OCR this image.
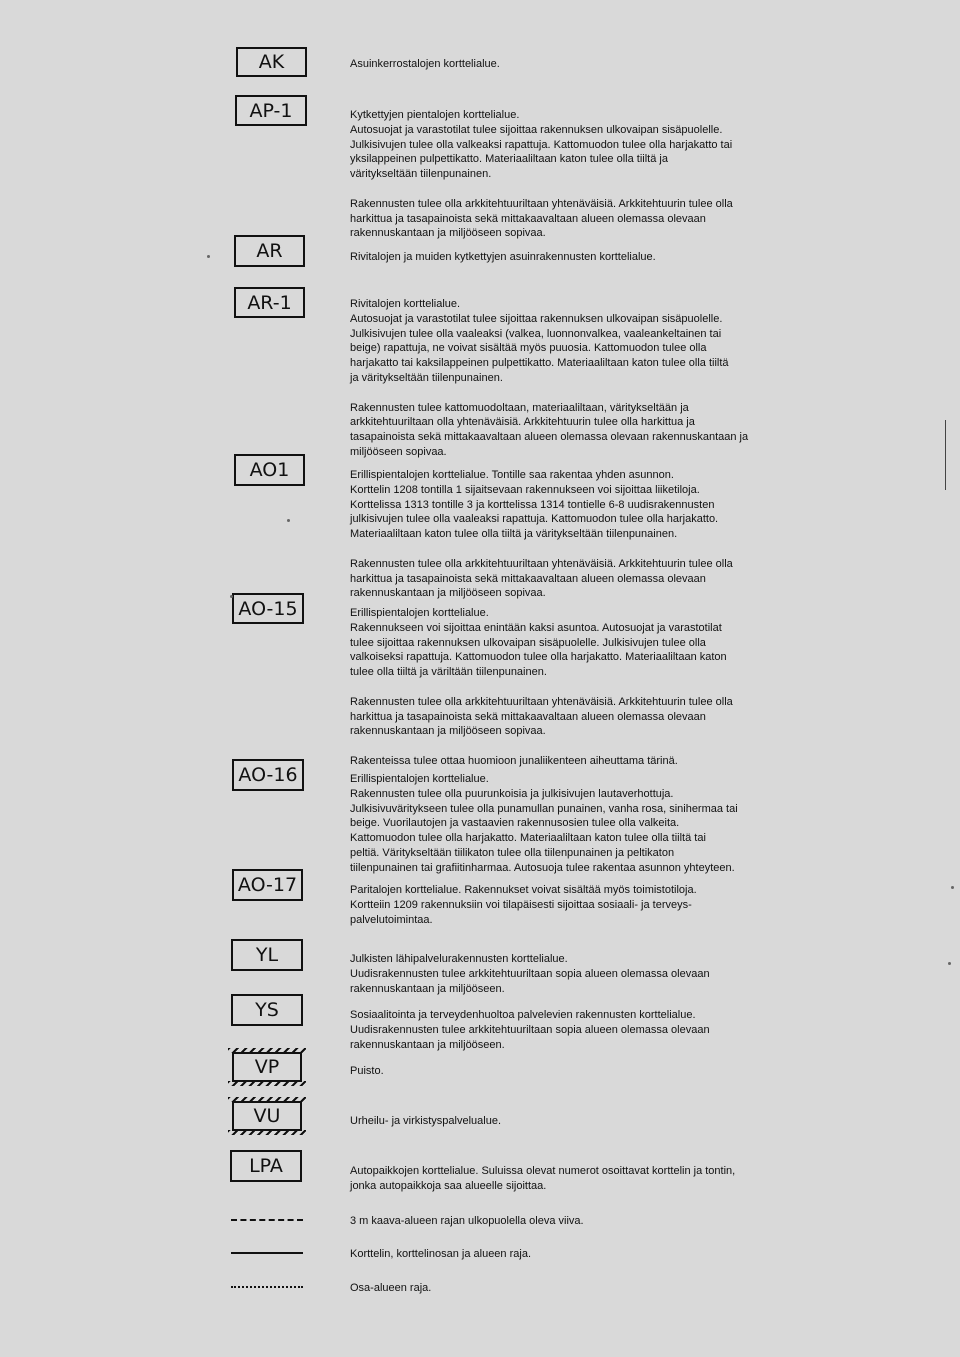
AK
AP-1
AR
AR-1
AO1
AO-15
AO-16
AO-17
YL
YS
VP
VU
LPA
Asuinkerrostalojen korttelialue.
Kytkettyjen pientalojen korttelialue.
Autosuojat ja varastotilat tulee sijoittaa rakennuksen ulkovaipan sisäpuolelle.
Julkisivujen tulee olla valkeaksi rapattuja. Kattomuodon tulee olla harjakatto tai
yksilappeinen pulpettikatto. Materiaaliltaan katon tulee olla tiiltä ja
väritykseltään tiilenpunainen.

Rakennusten tulee olla arkkitehtuuriltaan yhtenäväisiä. Arkkitehtuurin tulee olla
harkittua ja tasapainoista sekä mittakaavaltaan alueen olemassa olevaan
rakennuskantaan ja miljööseen sopivaa.
Rivitalojen ja muiden kytkettyjen asuinrakennusten korttelialue.
Rivitalojen korttelialue.
Autosuojat ja varastotilat tulee sijoittaa rakennuksen ulkovaipan sisäpuolelle.
Julkisivujen tulee olla vaaleaksi (valkea, luonnonvalkea, vaaleankeltainen tai
beige) rapattuja, ne voivat sisältää myös puuosia. Kattomuodon tulee olla
harjakatto tai kaksilappeinen pulpettikatto. Materiaaliltaan katon tulee olla tiiltä
ja väritykseltään tiilenpunainen.

Rakennusten tulee kattomuodoltaan, materiaaliltaan, väritykseltään ja
arkkitehtuuriltaan olla yhtenäväisiä. Arkkitehtuurin tulee olla harkittua ja
tasapainoista sekä mittakaavaltaan alueen olemassa olevaan rakennuskantaan ja
miljööseen sopivaa.
Erillispientalojen korttelialue. Tontille saa rakentaa yhden asunnon.
Korttelin 1208 tontilla 1 sijaitsevaan rakennukseen voi sijoittaa liiketiloja.
Korttelissa 1313 tontille 3 ja korttelissa 1314 tontielle 6-8 uudisrakennusten
julkisivujen tulee olla vaaleaksi rapattuja. Kattomuodon tulee olla harjakatto.
Materiaaliltaan katon tulee olla tiiltä ja väritykseltään tiilenpunainen.

Rakennusten tulee olla arkkitehtuuriltaan yhtenäväisiä. Arkkitehtuurin tulee olla
harkittua ja tasapainoista sekä mittakaavaltaan alueen olemassa olevaan
rakennuskantaan ja miljööseen sopivaa.
Erillispientalojen korttelialue.
Rakennukseen voi sijoittaa enintään kaksi asuntoa. Autosuojat ja varastotilat
tulee sijoittaa rakennuksen ulkovaipan sisäpuolelle. Julkisivujen tulee olla
valkoiseksi rapattuja. Kattomuodon tulee olla harjakatto. Materiaaliltaan katon
tulee olla tiiltä ja väriltään tiilenpunainen.

Rakennusten tulee olla arkkitehtuuriltaan yhtenäväisiä. Arkkitehtuurin tulee olla
harkittua ja tasapainoista sekä mittakaavaltaan alueen olemassa olevaan
rakennuskantaan ja miljööseen sopivaa.

Rakenteissa tulee ottaa huomioon junaliikenteen aiheuttama tärinä.
Erillispientalojen korttelialue.
Rakennusten tulee olla puurunkoisia ja julkisivujen lautaverhottuja.
Julkisivuväritykseen tulee olla punamullan punainen, vanha rosa, sinihermaa tai
beige. Vuorilautojen ja vastaavien rakennusosien tulee olla valkeita.
Kattomuodon tulee olla harjakatto. Materiaaliltaan katon tulee olla tiiltä tai
peltiä. Väritykseltään tiilikaton tulee olla tiilenpunainen ja peltikaton
tiilenpunainen tai grafiitinharmaa. Autosuoja tulee rakentaa asunnon yhteyteen.
Paritalojen korttelialue. Rakennukset voivat sisältää myös toimistotiloja.
Kortteiin 1209 rakennuksiin voi tilapäisesti sijoittaa sosiaali- ja terveys-
palvelutoimintaa.
Julkisten lähipalvelurakennusten korttelialue.
Uudisrakennusten tulee arkkitehtuuriltaan sopia alueen olemassa olevaan
rakennuskantaan ja miljööseen.
Sosiaalitointa ja terveydenhuoltoa palvelevien rakennusten korttelialue.
Uudisrakennusten tulee arkkitehtuuriltaan sopia alueen olemassa olevaan
rakennuskantaan ja miljööseen.
Puisto.
Urheilu- ja virkistyspalvelualue.
Autopaikkojen korttelialue. Suluissa olevat numerot osoittavat korttelin ja tontin,
jonka autopaikkoja saa alueelle sijoittaa.
3 m kaava-alueen rajan ulkopuolella oleva viiva.
Korttelin, korttelinosan ja alueen raja.
Osa-alueen raja.
